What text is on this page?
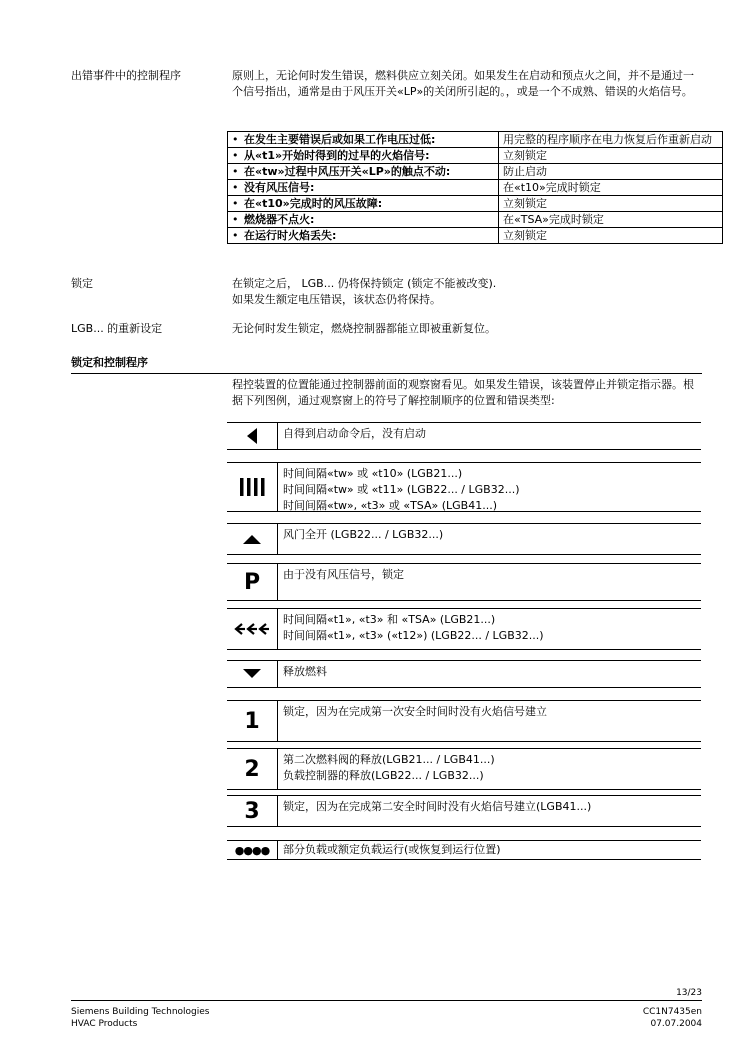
出错事件中的控制程序	原则上，无论何时发生错误，燃料供应立刻关闭。如果发生在启动和预点火之间，并不是通过一个信号指出，通常是由于风压开关«LP»的关闭所引起的。，或是一个不成熟、错误的火焰信号。

• 在发生主要错误后或如果工作电压过低:	用完整的程序顺序在电力恢复后作重新启动
• 从«t1»开始时得到的过早的火焰信号:	立刻锁定
• 在«tw»过程中风压开关«LP»的触点不动:	防止启动
• 没有风压信号:	在«t10»完成时锁定
• 在«t10»完成时的风压故障:	立刻锁定
• 燃烧器不点火:	在«TSA»完成时锁定
• 在运行时火焰丢失:	立刻锁定
锁定	在锁定之后， LGB... 仍将保持锁定 (锁定不能被改变).

如果发生额定电压错误，该状态仍将保持。

LGB... 的重新设定	无论何时发生锁定，燃烧控制器都能立即被重新复位。
锁定和控制程序
程控装置的位置能通过控制器前面的观察窗看见。如果发生错误，该装置停止并锁定指示器。根据下列图例，通过观察窗上的符号了解控制顺序的位置和错误类型:
自得到启动命令后，没有启动
时间间隔«tw» 或 «t10» (LGB21...)
时间间隔«tw» 或 «t11» (LGB22... / LGB32...)
时间间隔«tw», «t3» 或 «TSA» (LGB41...)
风门全开 (LGB22... / LGB32...)
P 由于没有风压信号，锁定
时间间隔«t1», «t3» 和 «TSA» (LGB21...)
时间间隔«t1», «t3» («t12») (LGB22... / LGB32...)
释放燃料
1 锁定，因为在完成第一次安全时间时没有火焰信号建立
2 第二次燃料阀的释放(LGB21... / LGB41...)
负载控制器的释放(LGB22... / LGB32...)
3 锁定，因为在完成第二安全时间时没有火焰信号建立(LGB41...)
●●●● 部分负载或额定负载运行(或恢复到运行位置)
13/23
Siemens Building Technologies
HVAC Products
CC1N7435en
07.07.2004
